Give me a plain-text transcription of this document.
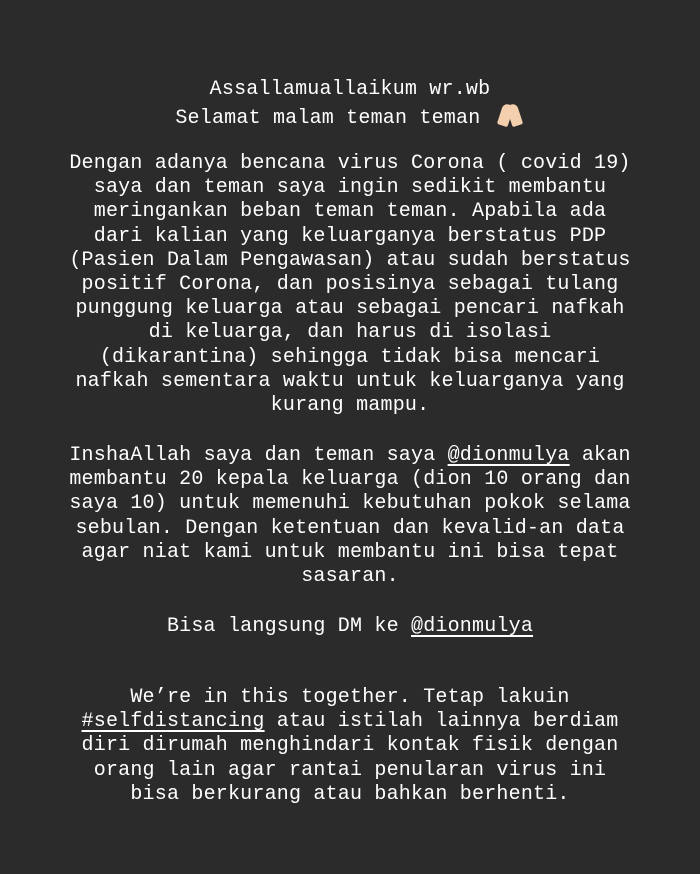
Assallamuallaikum wr.wb
Selamat malam teman teman
Dengan adanya bencana virus Corona ( covid 19)
saya dan teman saya ingin sedikit membantu
meringankan beban teman teman. Apabila ada
dari kalian yang keluarganya berstatus PDP
(Pasien Dalam Pengawasan) atau sudah berstatus
positif Corona, dan posisinya sebagai tulang
punggung keluarga atau sebagai pencari nafkah
di keluarga, dan harus di isolasi
(dikarantina) sehingga tidak bisa mencari
nafkah sementara waktu untuk keluarganya yang
kurang mampu.
InshaAllah saya dan teman saya @dionmulya akan
membantu 20 kepala keluarga (dion 10 orang dan
saya 10) untuk memenuhi kebutuhan pokok selama
sebulan. Dengan ketentuan dan kevalid-an data
agar niat kami untuk membantu ini bisa tepat
sasaran.
Bisa langsung DM ke @dionmulya
We’re in this together. Tetap lakuin
#selfdistancing atau istilah lainnya berdiam
diri dirumah menghindari kontak fisik dengan
orang lain agar rantai penularan virus ini
bisa berkurang atau bahkan berhenti.
